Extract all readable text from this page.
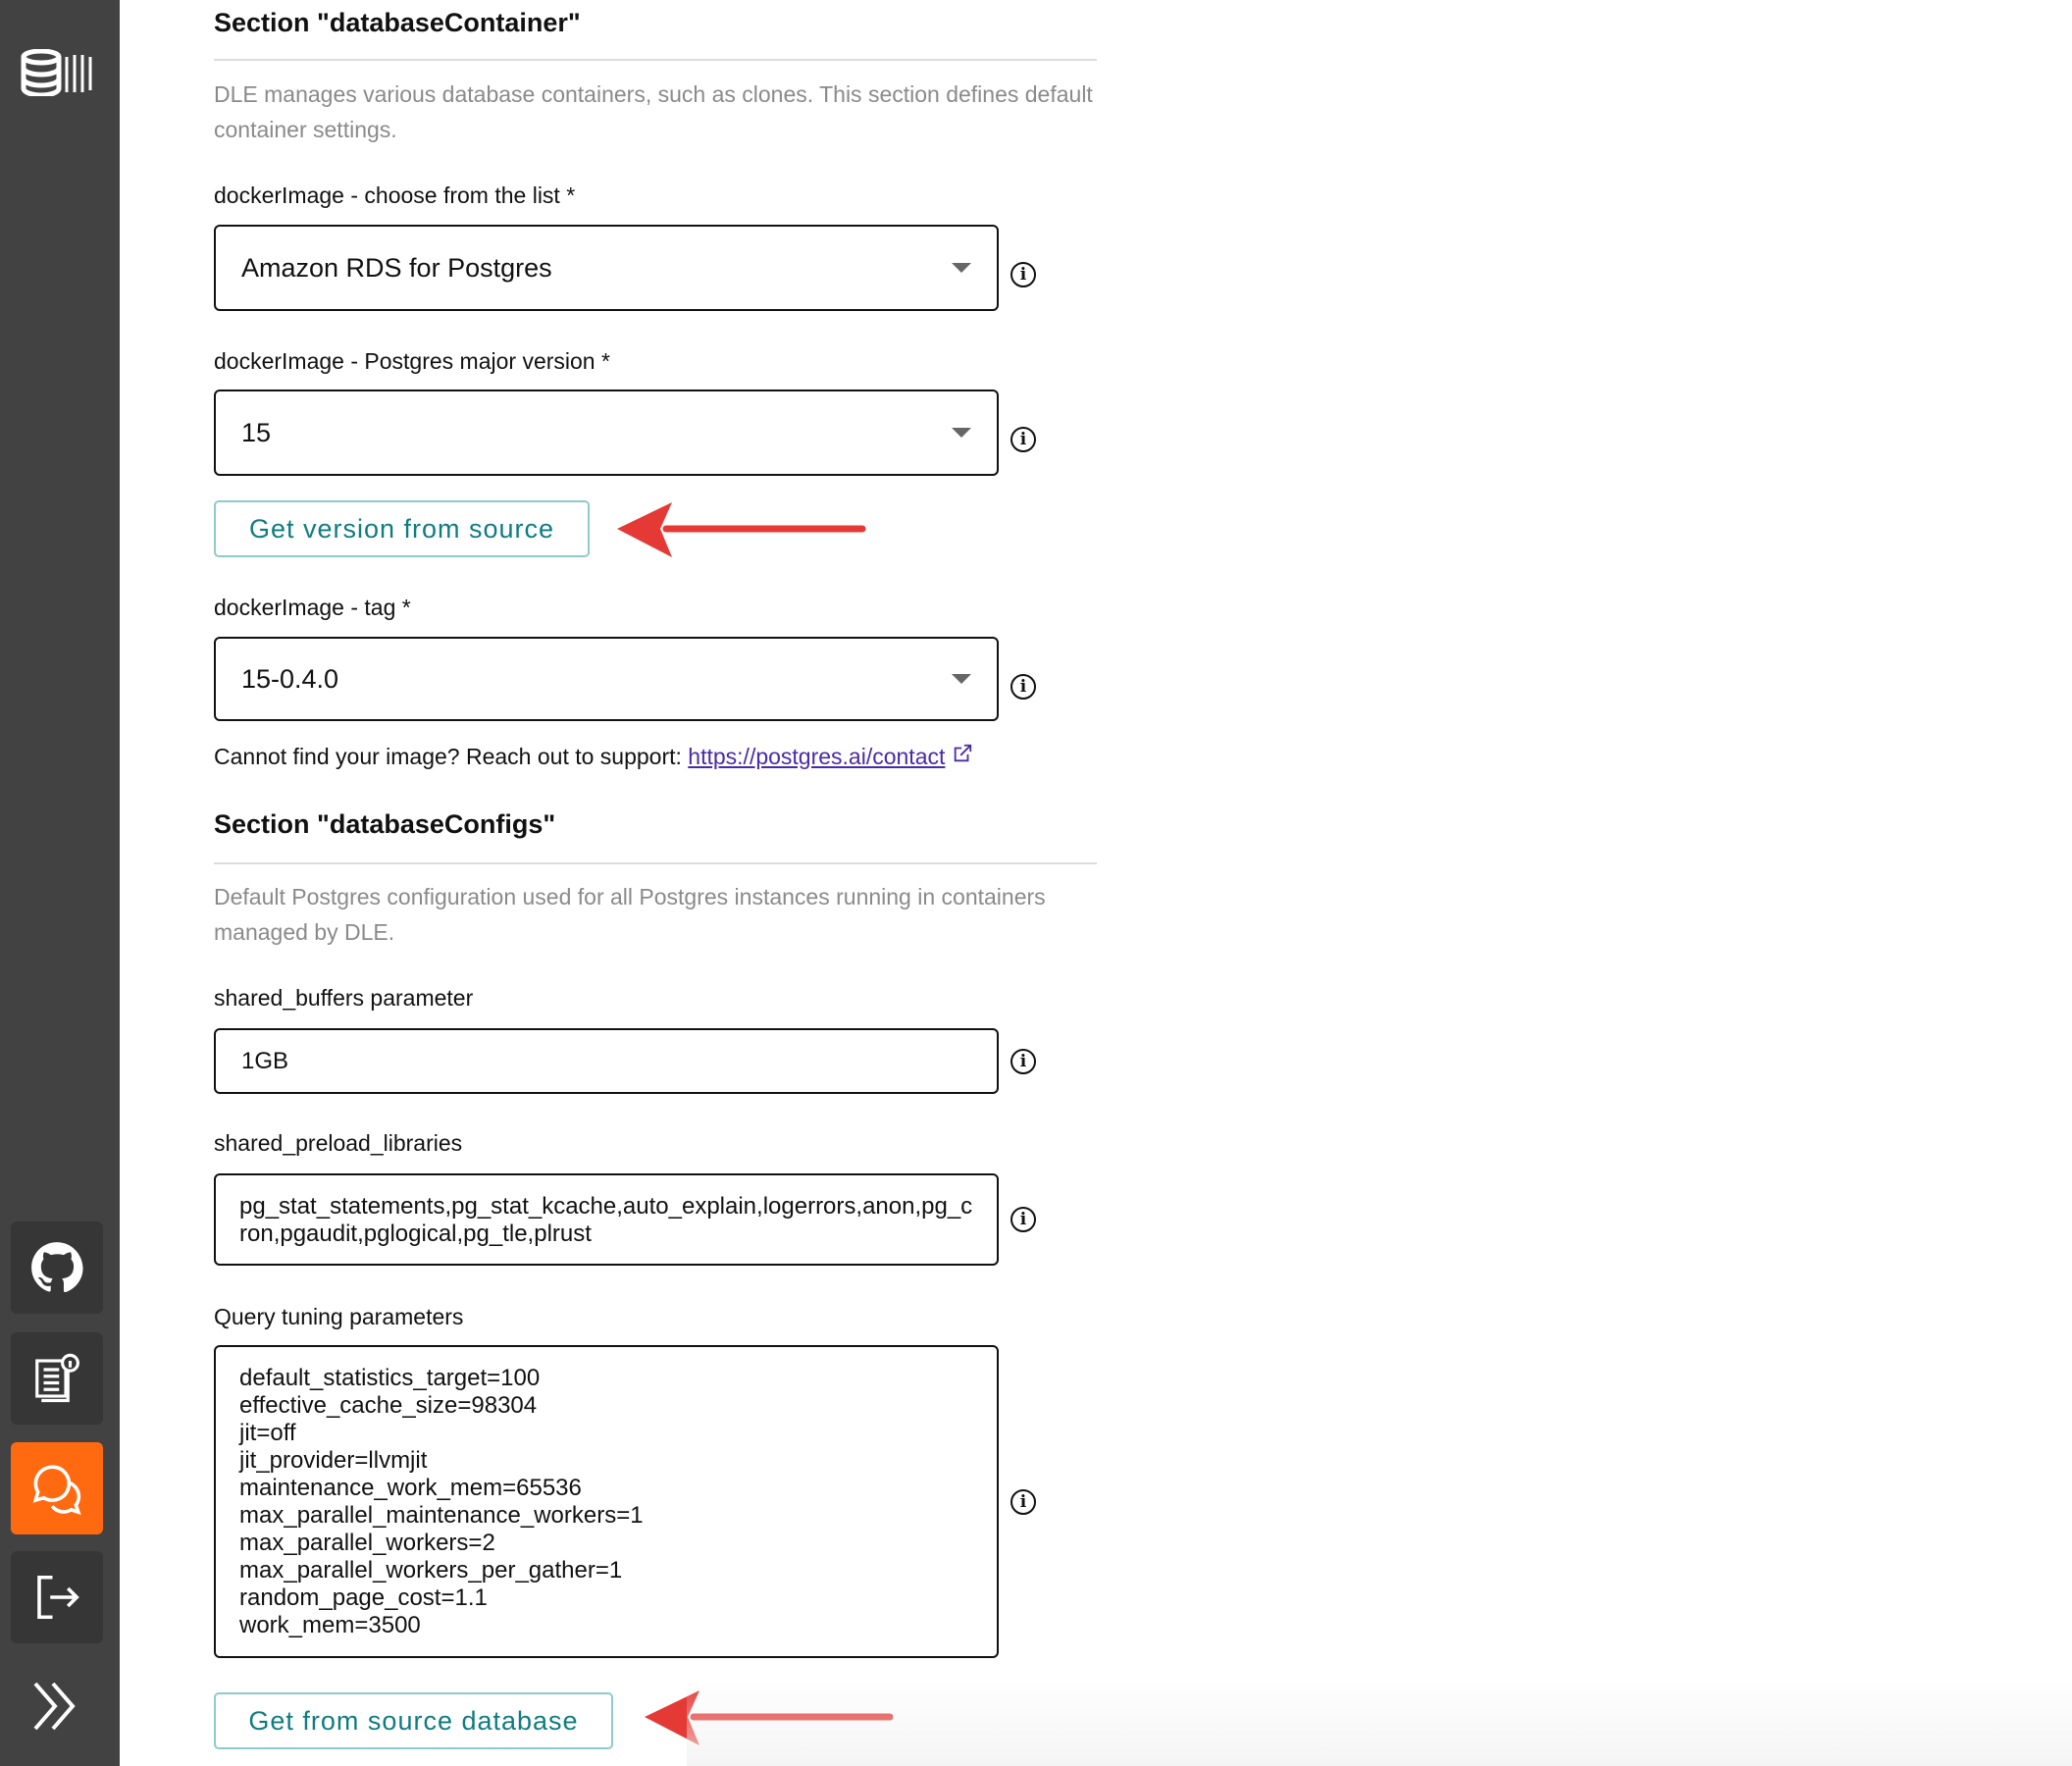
Section "databaseContainer"
DLE manages various database containers, such as clones. This section defines default container settings.
dockerImage - choose from the list *
Amazon RDS for Postgres	i
dockerImage - Postgres major version *
15	i
Get version from source
dockerImage - tag *
15-0.4.0	i
Cannot find your image? Reach out to support: https://postgres.ai/contact
Section "databaseConfigs"
Default Postgres configuration used for all Postgres instances running in containers managed by DLE.
shared_buffers parameter
1GB	i
shared_preload_libraries
pg_stat_statements,pg_stat_kcache,auto_explain,logerrors,anon,pg_cron,pgaudit,pglogical,pg_tle,plrust
i
Query tuning parameters
default_statistics_target=100
effective_cache_size=98304
jit=off
jit_provider=llvmjit
maintenance_work_mem=65536
max_parallel_maintenance_workers=1
max_parallel_workers=2
max_parallel_workers_per_gather=1
random_page_cost=1.1
work_mem=3500
i
Get from source database
